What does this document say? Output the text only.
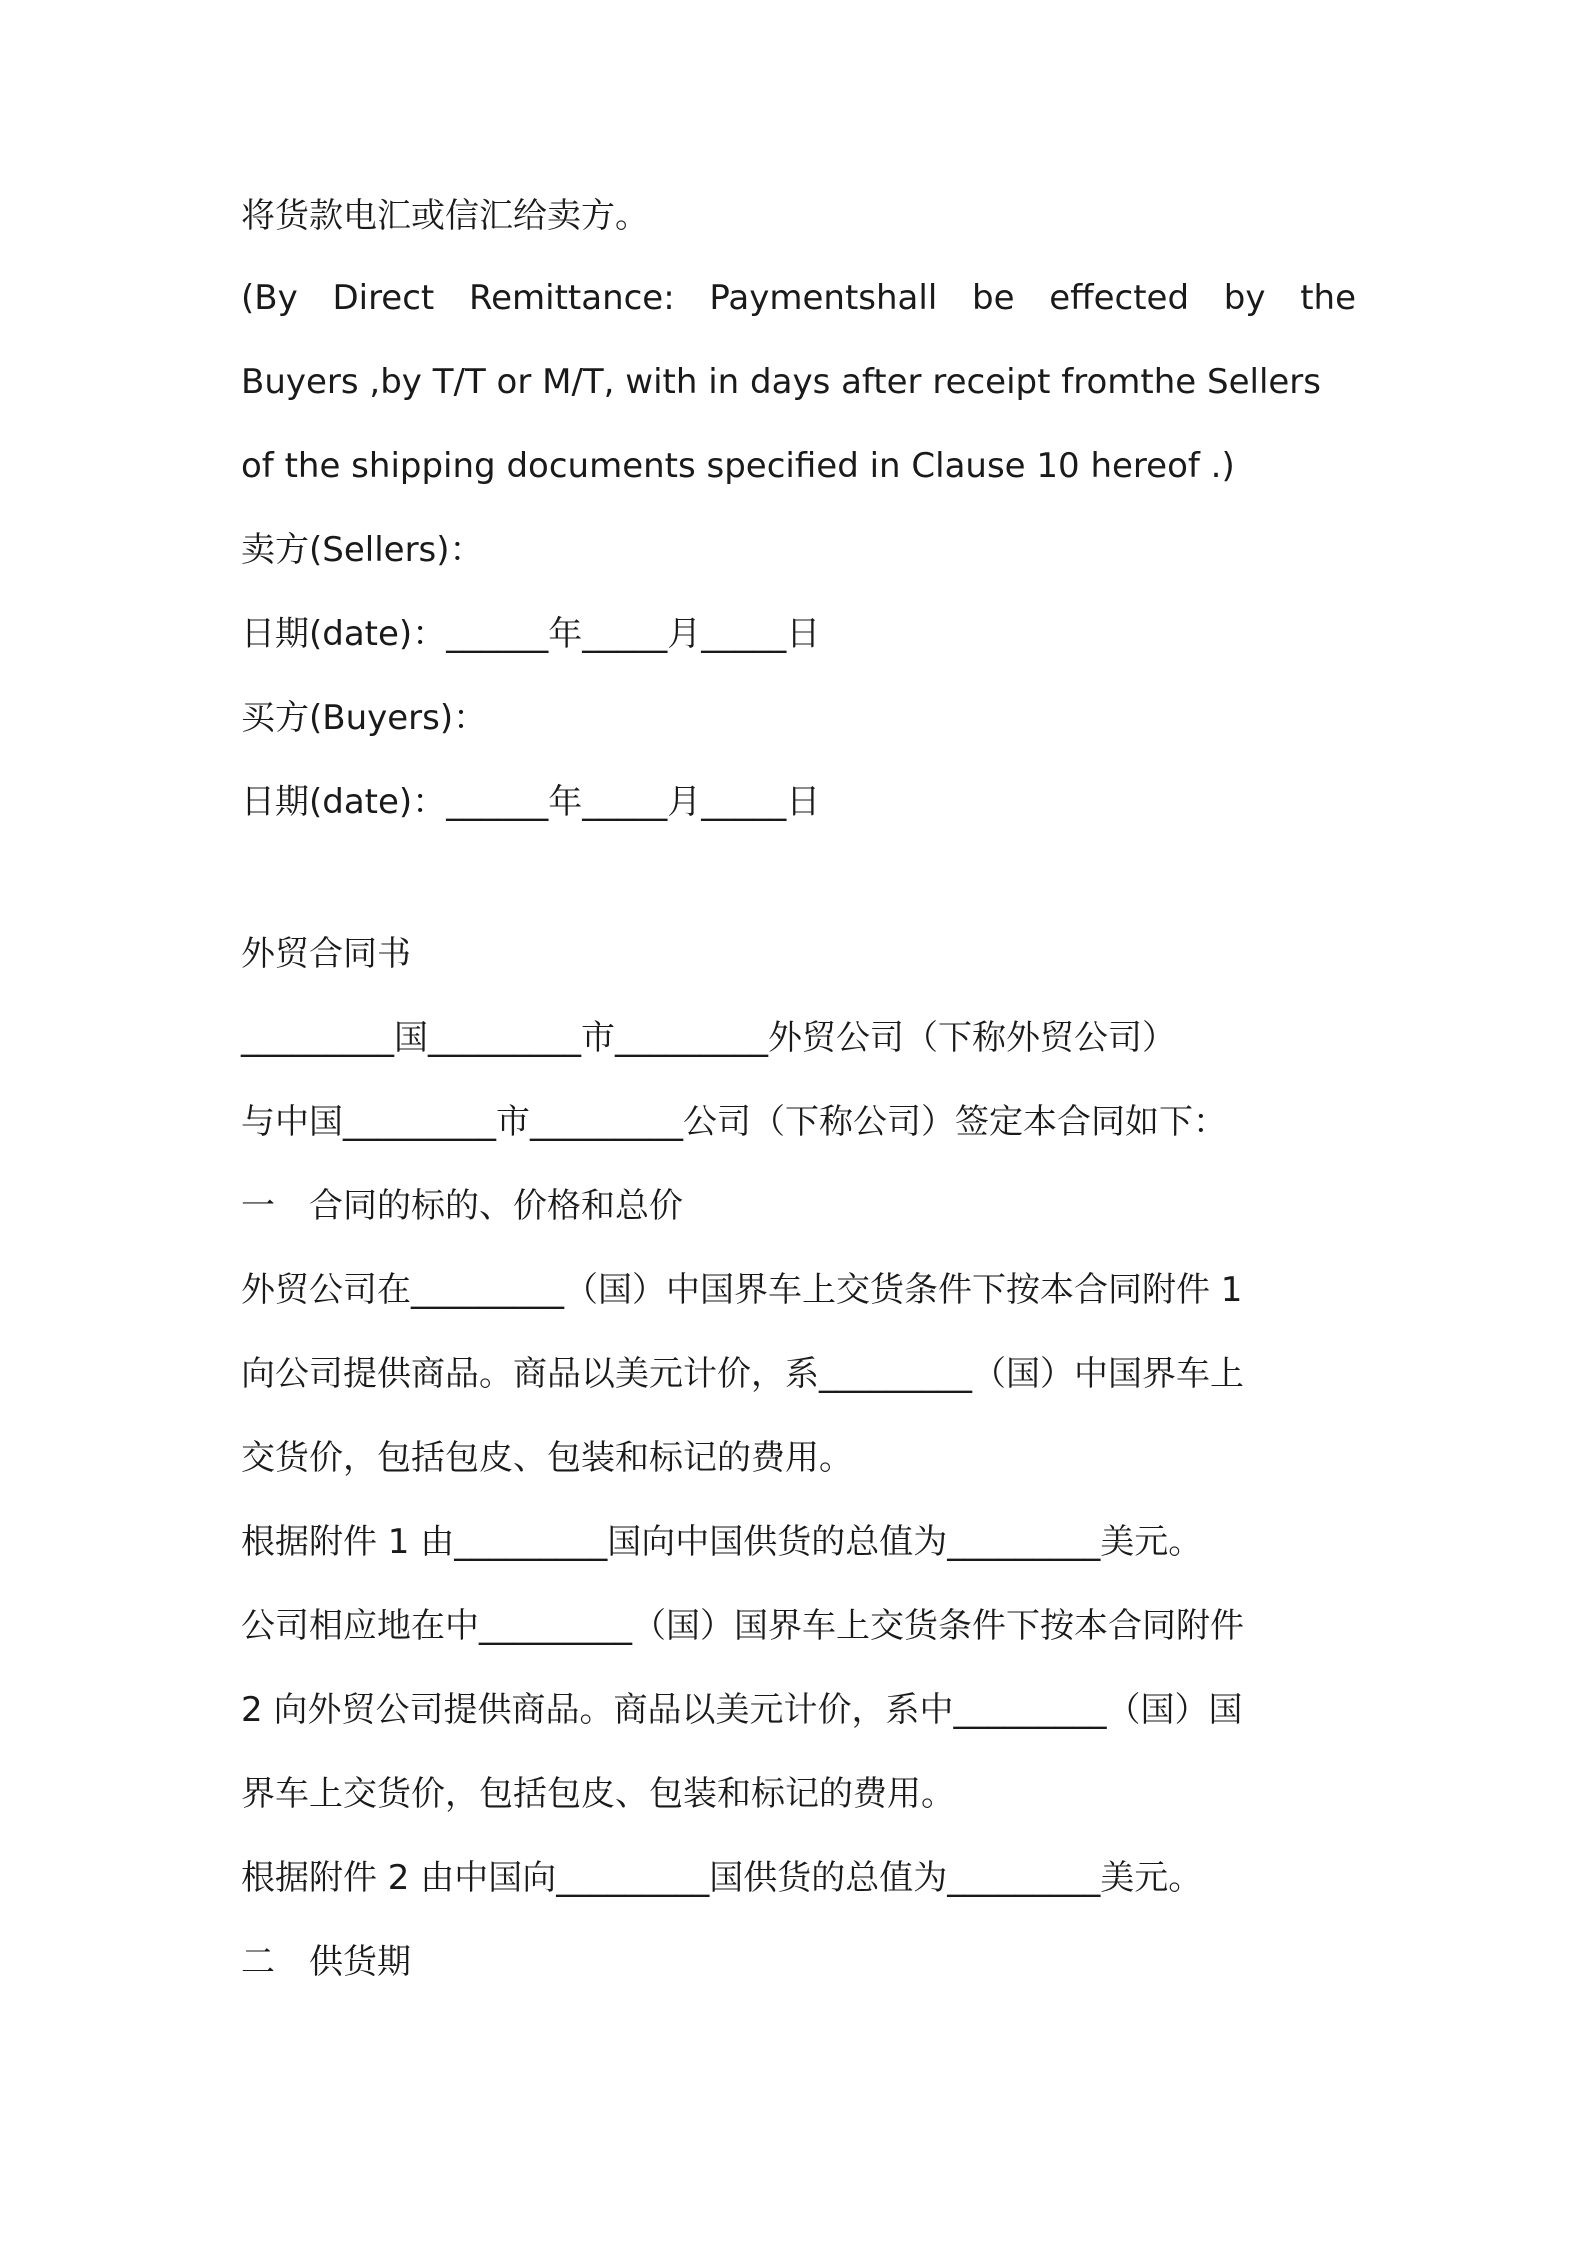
将货款电汇或信汇给卖方。

(By Direct Remittance: Paymentshall be effected by the

Buyers ,by T/T or M/T, with in days after receipt fromthe Sellers

of the shipping documents specified in Clause 10 hereof .)

卖方(Sellers)：

日期(date)：______年_____月_____日

买方(Buyers)：

日期(date)：______年_____月_____日

外贸合同书

_________国_________市_________外贸公司（下称外贸公司）

与中国_________市_________公司（下称公司）签定本合同如下：

一　合同的标的、价格和总价

外贸公司在_________（国）中国界车上交货条件下按本合同附件 1

向公司提供商品。商品以美元计价，系_________（国）中国界车上

交货价，包括包皮、包装和标记的费用。

根据附件 1 由_________国向中国供货的总值为_________美元。

公司相应地在中_________（国）国界车上交货条件下按本合同附件

2 向外贸公司提供商品。商品以美元计价，系中_________（国）国

界车上交货价，包括包皮、包装和标记的费用。

根据附件 2 由中国向_________国供货的总值为_________美元。

二　供货期
